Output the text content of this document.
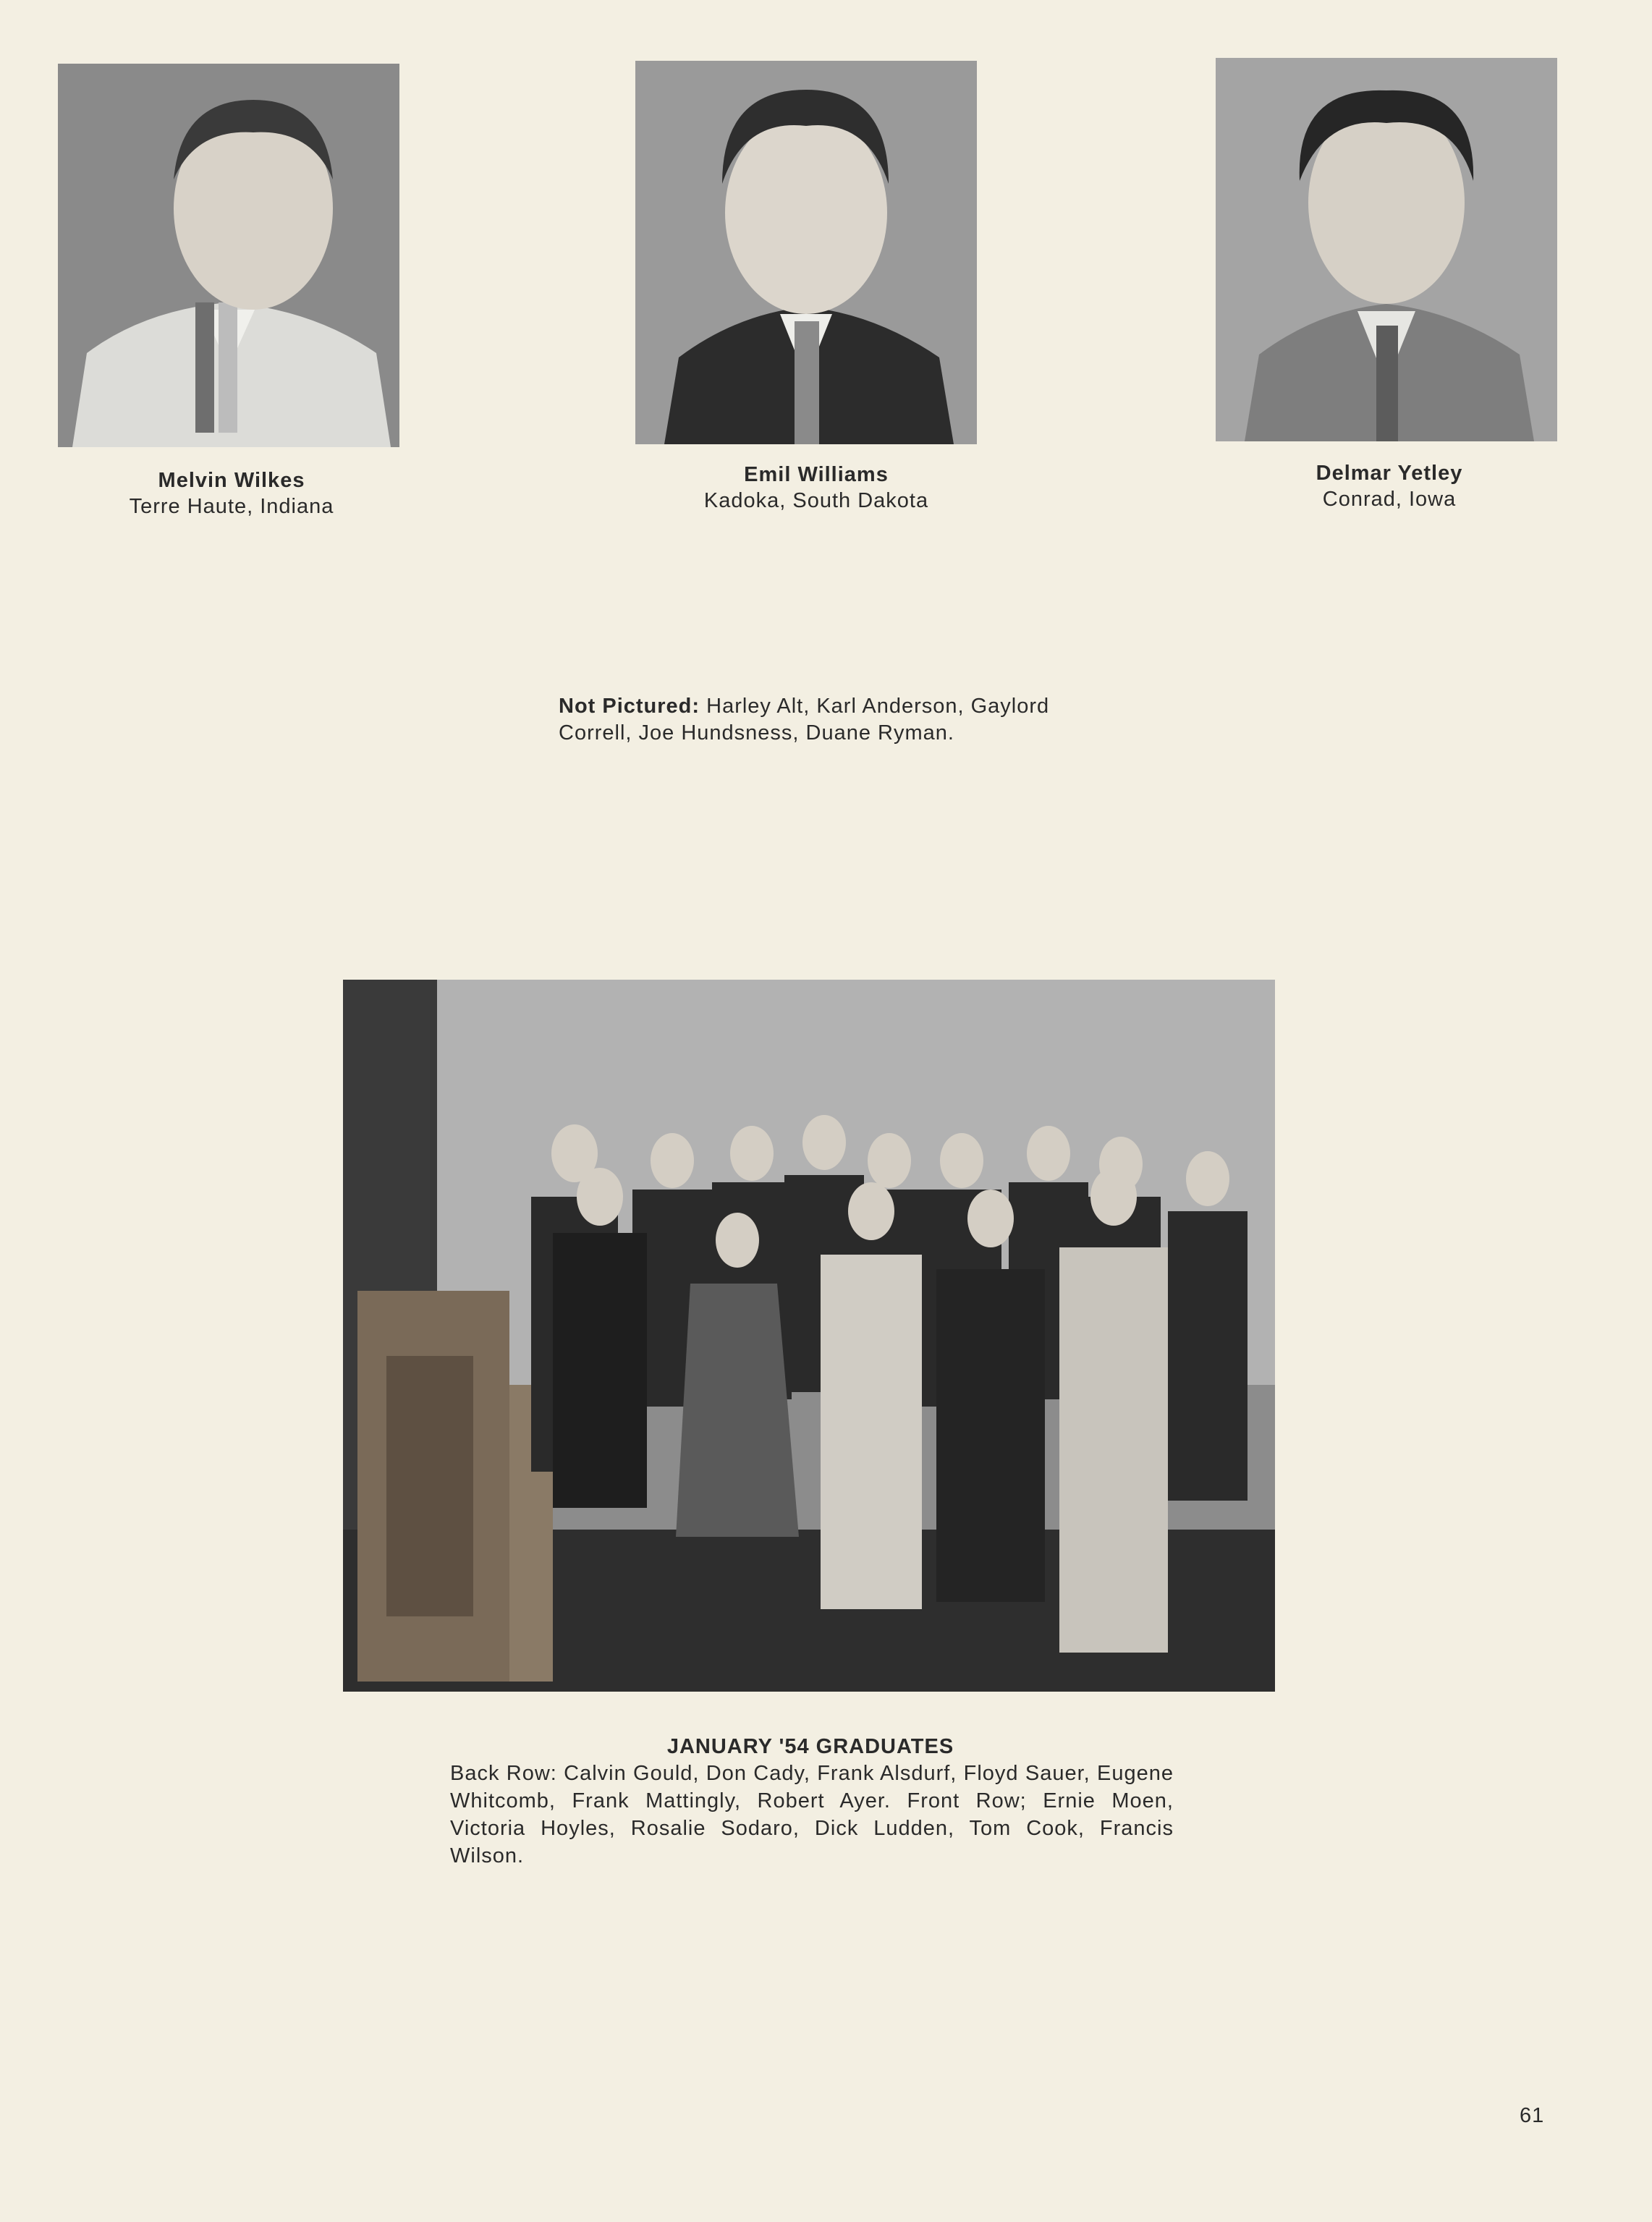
Melvin Wilkes
Terre Haute, Indiana
Emil Williams
Kadoka, South Dakota
Delmar Yetley
Conrad, Iowa
Not Pictured: Harley Alt, Karl Anderson, Gaylord Correll, Joe Hundsness, Duane Ryman.
JANUARY '54 GRADUATES
Back Row: Calvin Gould, Don Cady, Frank Alsdurf, Floyd Sauer, Eugene Whitcomb, Frank Mattingly, Robert Ayer. Front Row; Ernie Moen, Victoria Hoyles, Rosalie Sodaro, Dick Ludden, Tom Cook, Francis Wilson.
61
